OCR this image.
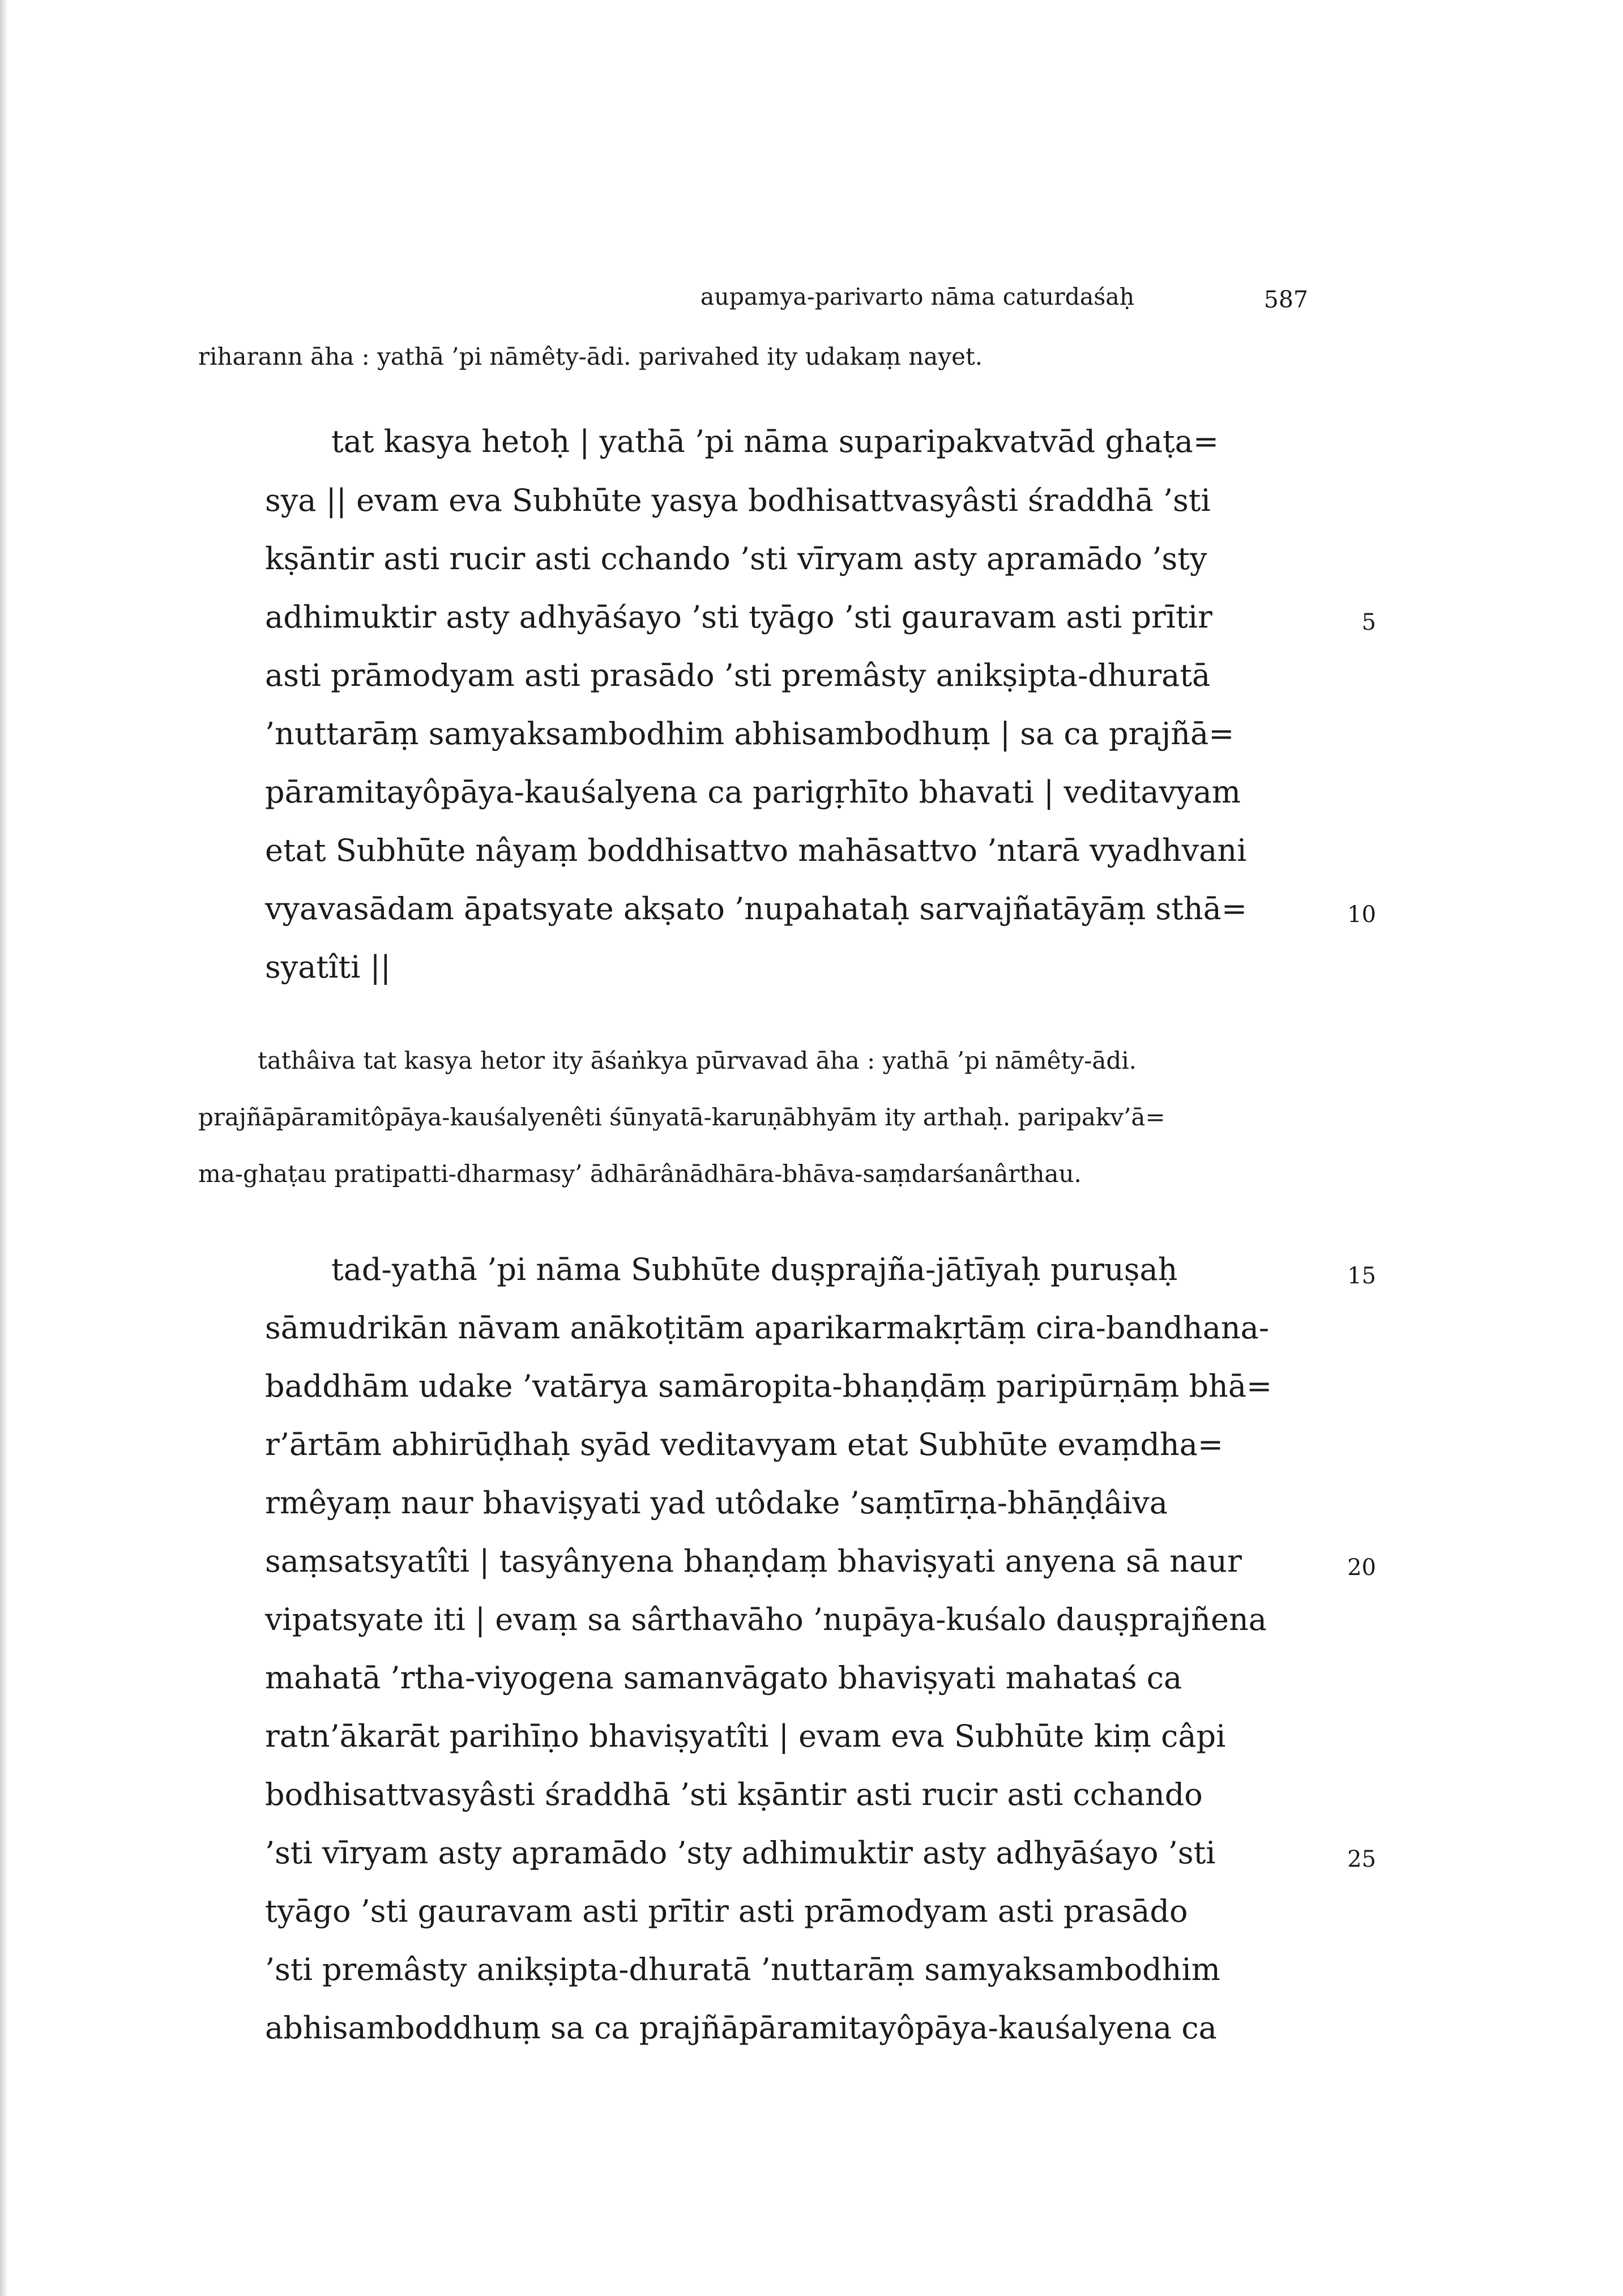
aupamya-parivarto nāma caturdaśaḥ	587
riharann āha : yathā ’pi nāmêty-ādi. parivahed ity udakaṃ nayet.
tat kasya hetoḥ | yathā ’pi nāma suparipakvatvād ghaṭa=
sya || evam eva Subhūte yasya bodhisattvasyâsti śraddhā ’sti
kṣāntir asti rucir asti cchando ’sti vīryam asty apramādo ’sty
adhimuktir asty adhyāśayo ’sti tyāgo ’sti gauravam asti prītir
asti prāmodyam asti prasādo ’sti premâsty anikṣipta-dhuratā
’nuttarāṃ samyaksambodhim abhisambodhuṃ | sa ca prajñā=
pāramitayôpāya-kauśalyena ca parigṛhīto bhavati | veditavyam
etat Subhūte nâyaṃ boddhisattvo mahāsattvo ’ntarā vyadhvani
vyavasādam āpatsyate akṣato ’nupahataḥ sarvajñatāyāṃ sthā=
syatîti ||
5
10
tathâiva tat kasya hetor ity āśaṅkya pūrvavad āha : yathā ’pi nāmêty-ādi.
prajñāpāramitôpāya-kauśalyenêti śūnyatā-karuṇābhyām ity arthaḥ. paripakv’ā=
ma-ghaṭau pratipatti-dharmasy’ ādhārânādhāra-bhāva-saṃdarśanârthau.
tad-yathā ’pi nāma Subhūte duṣprajña-jātīyaḥ puruṣaḥ
sāmudrikān nāvam anākoṭitām aparikarmakṛtāṃ cira-bandhana-
baddhām udake ’vatārya samāropita-bhaṇḍāṃ paripūrṇāṃ bhā=
r’ārtām abhirūḍhaḥ syād veditavyam etat Subhūte evaṃdha=
rmêyaṃ naur bhaviṣyati yad utôdake ’saṃtīrṇa-bhāṇḍâiva
saṃsatsyatîti | tasyânyena bhaṇḍaṃ bhaviṣyati anyena sā naur
vipatsyate iti | evaṃ sa sârthavāho ’nupāya-kuśalo dauṣprajñena
mahatā ’rtha-viyogena samanvāgato bhaviṣyati mahataś ca
ratn’ākarāt parihīṇo bhaviṣyatîti | evam eva Subhūte kiṃ câpi
bodhisattvasyâsti śraddhā ’sti kṣāntir asti rucir asti cchando
’sti vīryam asty apramādo ’sty adhimuktir asty adhyāśayo ’sti
tyāgo ’sti gauravam asti prītir asti prāmodyam asti prasādo
’sti premâsty anikṣipta-dhuratā ’nuttarāṃ samyaksambodhim
abhisamboddhuṃ sa ca prajñāpāramitayôpāya-kauśalyena ca
15
20
25
